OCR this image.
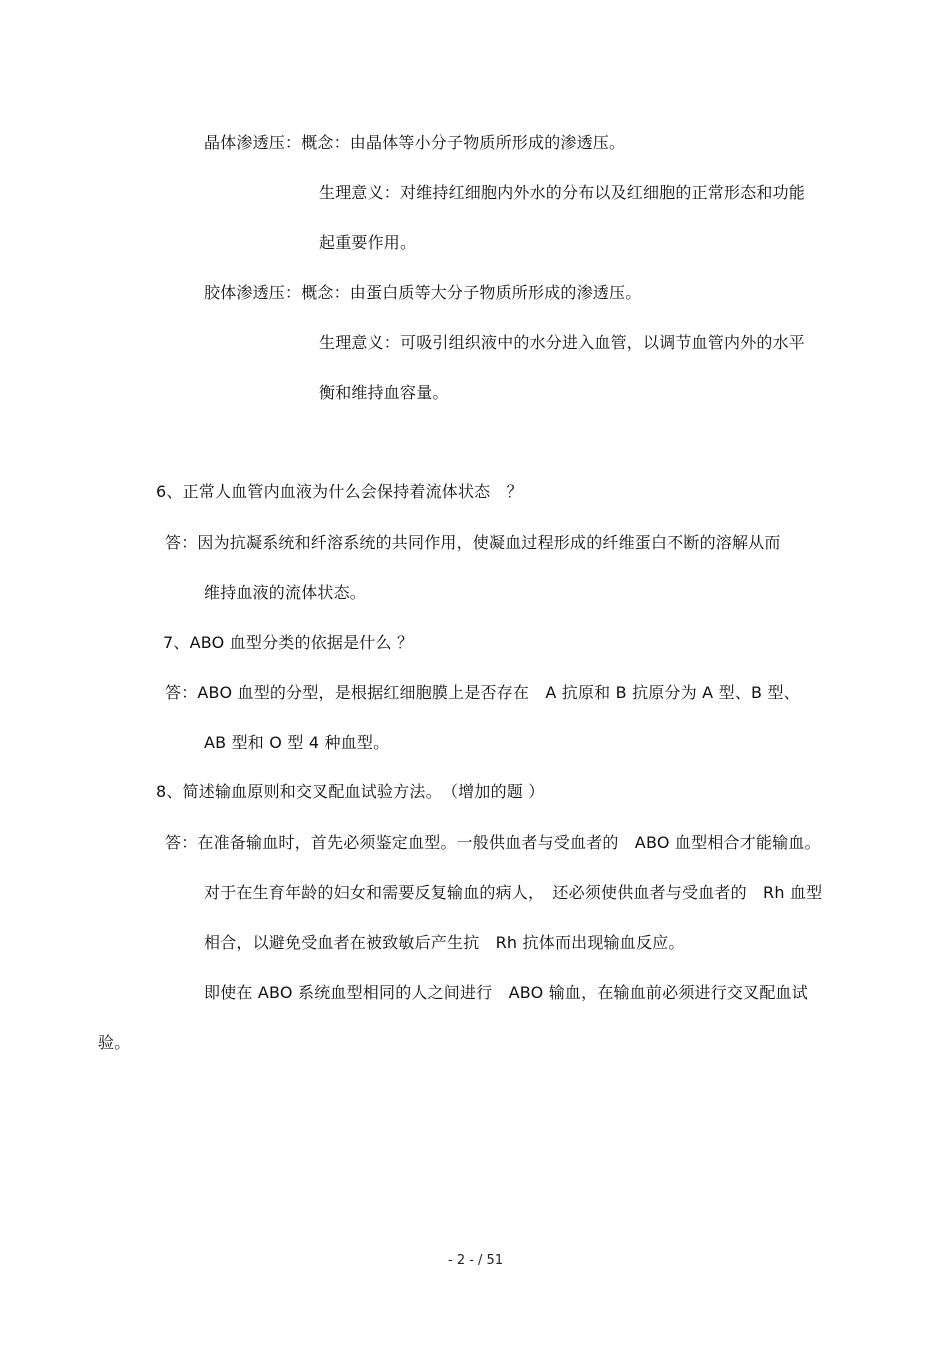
晶体渗透压：概念：由晶体等小分子物质所形成的渗透压。
生理意义：对维持红细胞内外水的分布以及红细胞的正常形态和功能
起重要作用。
胶体渗透压：概念：由蛋白质等大分子物质所形成的渗透压。
生理意义：可吸引组织液中的水分进入血管，以调节血管内外的水平
衡和维持血容量。
6、正常人血管内血液为什么会保持着流体状态　？
答：因为抗凝系统和纤溶系统的共同作用，使凝血过程形成的纤维蛋白不断的溶解从而
维持血液的流体状态。
7、ABO 血型分类的依据是什么 ？
答：ABO 血型的分型，是根据红细胞膜上是否存在　A 抗原和 B 抗原分为 A 型、B 型、
AB 型和 O 型 4 种血型。
8、简述输血原则和交叉配血试验方法。　（增加的题 ）
答：在准备输血时，首先必须鉴定血型。一般供血者与受血者的　ABO 血型相合才能输血。
对于在生育年龄的妇女和需要反复输血的病人，　还必须使供血者与受血者的　Rh 血型
相合，以避免受血者在被致敏后产生抗　Rh 抗体而出现输血反应。
即使在 ABO 系统血型相同的人之间进行　ABO 输血，在输血前必须进行交叉配血试
验。
- 2 - / 51
